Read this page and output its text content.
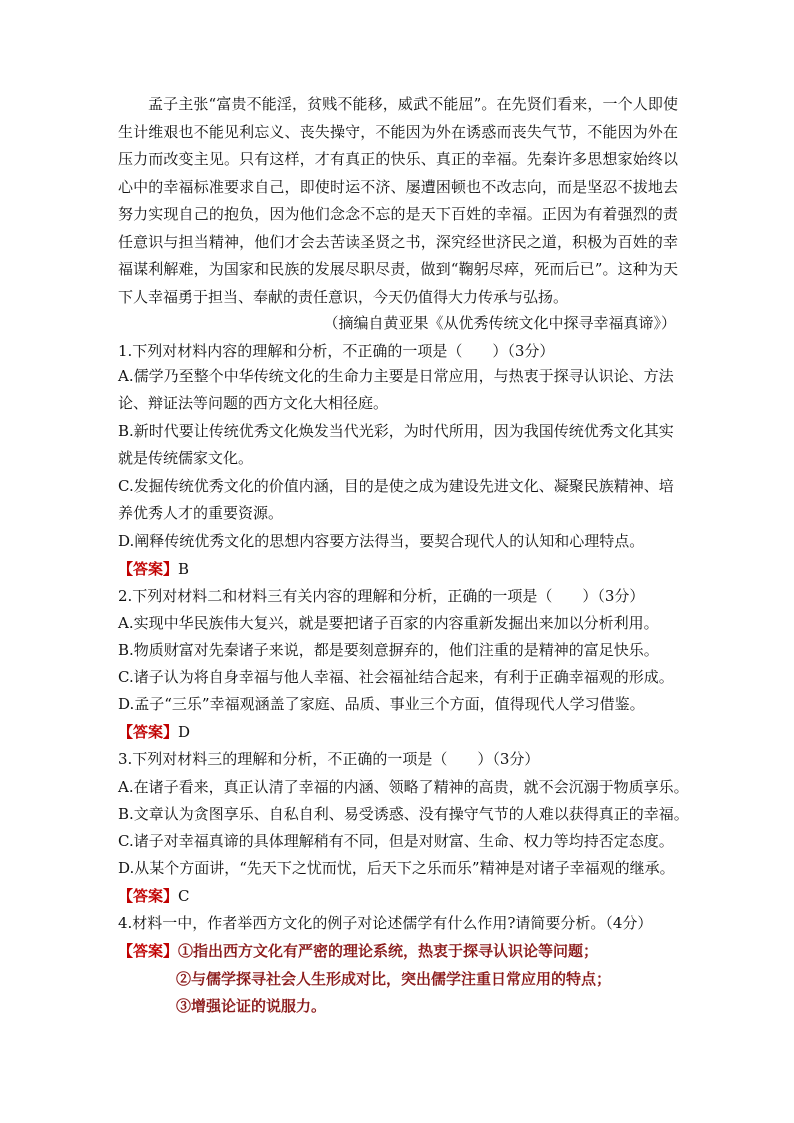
孟子主张“富贵不能淫，贫贱不能移，威武不能屈”。在先贤们看来，一个人即使生计维艰也不能见利忘义、丧失操守，不能因为外在诱惑而丧失气节，不能因为外在压力而改变主见。只有这样，才有真正的快乐、真正的幸福。先秦许多思想家始终以心中的幸福标准要求自己，即使时运不济、屡遭困顿也不改志向，而是坚忍不拔地去努力实现自己的抱负，因为他们念念不忘的是天下百姓的幸福。正因为有着强烈的责任意识与担当精神，他们才会去苦读圣贤之书，深究经世济民之道，积极为百姓的幸福谋利解难，为国家和民族的发展尽职尽责，做到“鞠躬尽瘁，死而后已”。这种为天下人幸福勇于担当、奉献的责任意识，今天仍值得大力传承与弘扬。

（摘编自黄亚果《从优秀传统文化中探寻幸福真谛》）

1.下列对材料内容的理解和分析，不正确的一项是（　　）（3分）

A.儒学乃至整个中华传统文化的生命力主要是日常应用，与热衷于探寻认识论、方法论、辩证法等问题的西方文化大相径庭。

B.新时代要让传统优秀文化焕发当代光彩，为时代所用，因为我国传统优秀文化其实就是传统儒家文化。

C.发掘传统优秀文化的价值内涵，目的是使之成为建设先进文化、凝聚民族精神、培养优秀人才的重要资源。

D.阐释传统优秀文化的思想内容要方法得当，要契合现代人的认知和心理特点。

【答案】B

2.下列对材料二和材料三有关内容的理解和分析，正确的一项是（　　）（3分）

A.实现中华民族伟大复兴，就是要把诸子百家的内容重新发掘出来加以分析利用。

B.物质财富对先秦诸子来说，都是要刻意摒弃的，他们注重的是精神的富足快乐。

C.诸子认为将自身幸福与他人幸福、社会福祉结合起来，有利于正确幸福观的形成。

D.孟子“三乐”幸福观涵盖了家庭、品质、事业三个方面，值得现代人学习借鉴。

【答案】D

3.下列对材料三的理解和分析，不正确的一项是（　　）（3分）

A.在诸子看来，真正认清了幸福的内涵、领略了精神的高贵，就不会沉溺于物质享乐。

B.文章认为贪图享乐、自私自利、易受诱惑、没有操守气节的人难以获得真正的幸福。

C.诸子对幸福真谛的具体理解稍有不同，但是对财富、生命、权力等均持否定态度。

D.从某个方面讲，“先天下之忧而忧，后天下之乐而乐”精神是对诸子幸福观的继承。

【答案】C

4.材料一中，作者举西方文化的例子对论述儒学有什么作用?请简要分析。（4分）

【答案】①指出西方文化有严密的理论系统，热衷于探寻认识论等问题；

②与儒学探寻社会人生形成对比，突出儒学注重日常应用的特点；

③增强论证的说服力。
